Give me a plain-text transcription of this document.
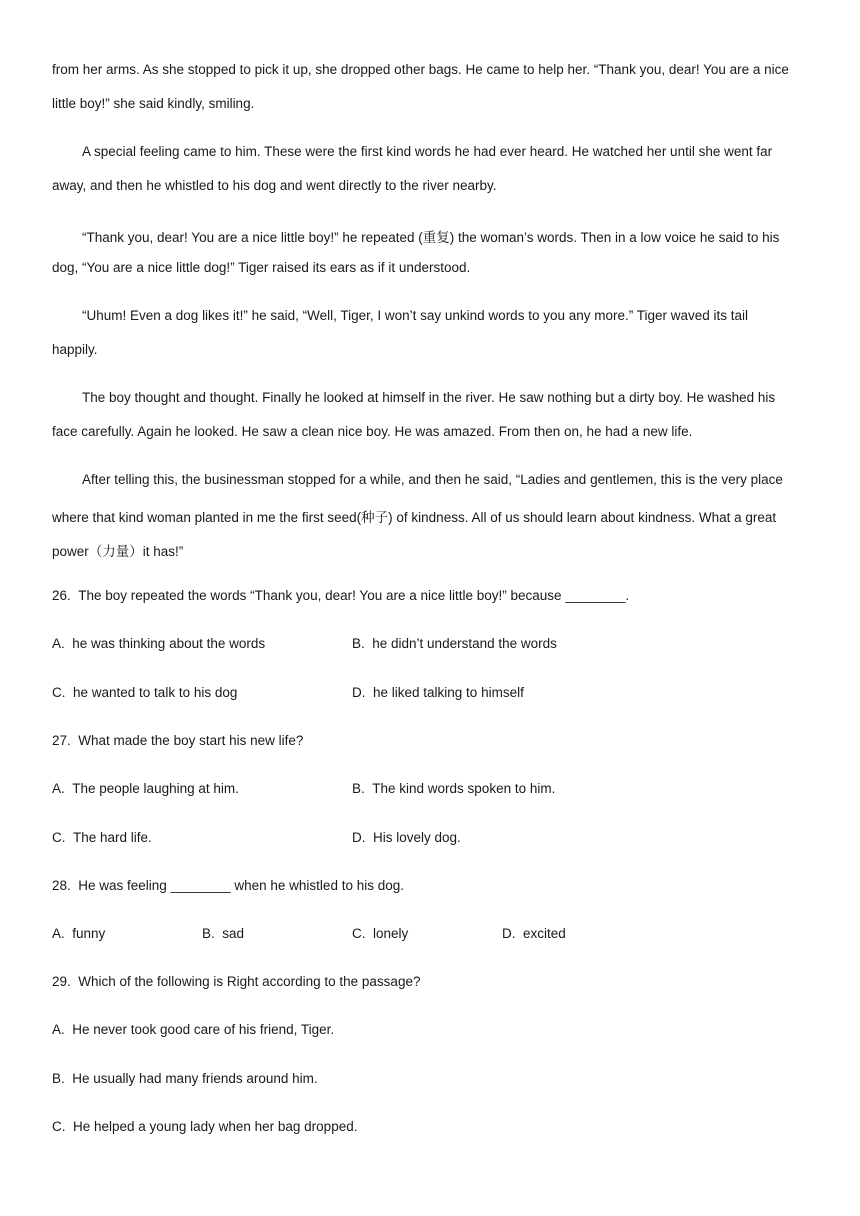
from her arms. As she stopped to pick it up, she dropped other bags. He came to help her. “Thank you, dear! You are a nice
little boy!” she said kindly, smiling.
A special feeling came to him. These were the first kind words he had ever heard. He watched her until she went far
away, and then he whistled to his dog and went directly to the river nearby.
“Thank you, dear! You are a nice little boy!” he repeated (重复) the woman’s words. Then in a low voice he said to his
dog, “You are a nice little dog!” Tiger raised its ears as if it understood.
“Uhum! Even a dog likes it!” he said, “Well, Tiger, I won’t say unkind words to you any more.” Tiger waved its tail
happily.
The boy thought and thought. Finally he looked at himself in the river. He saw nothing but a dirty boy. He washed his
face carefully. Again he looked. He saw a clean nice boy. He was amazed. From then on, he had a new life.
After telling this, the businessman stopped for a while, and then he said, “Ladies and gentlemen, this is the very place
where that kind woman planted in me the first seed(种子) of kindness. All of us should learn about kindness. What a great
power（力量）it has!”
26.  The boy repeated the words “Thank you, dear! You are a nice little boy!” because ________.
A.  he was thinking about the words	B.  he didn’t understand the words
C.  he wanted to talk to his dog	D.  he liked talking to himself
27.  What made the boy start his new life?
A.  The people laughing at him.	B.  The kind words spoken to him.
C.  The hard life.	D.  His lovely dog.
28.  He was feeling ________ when he whistled to his dog.
A.  funny	B.  sad	C.  lonely	D.  excited
29.  Which of the following is Right according to the passage?
A.  He never took good care of his friend, Tiger.
B.  He usually had many friends around him.
C.  He helped a young lady when her bag dropped.
